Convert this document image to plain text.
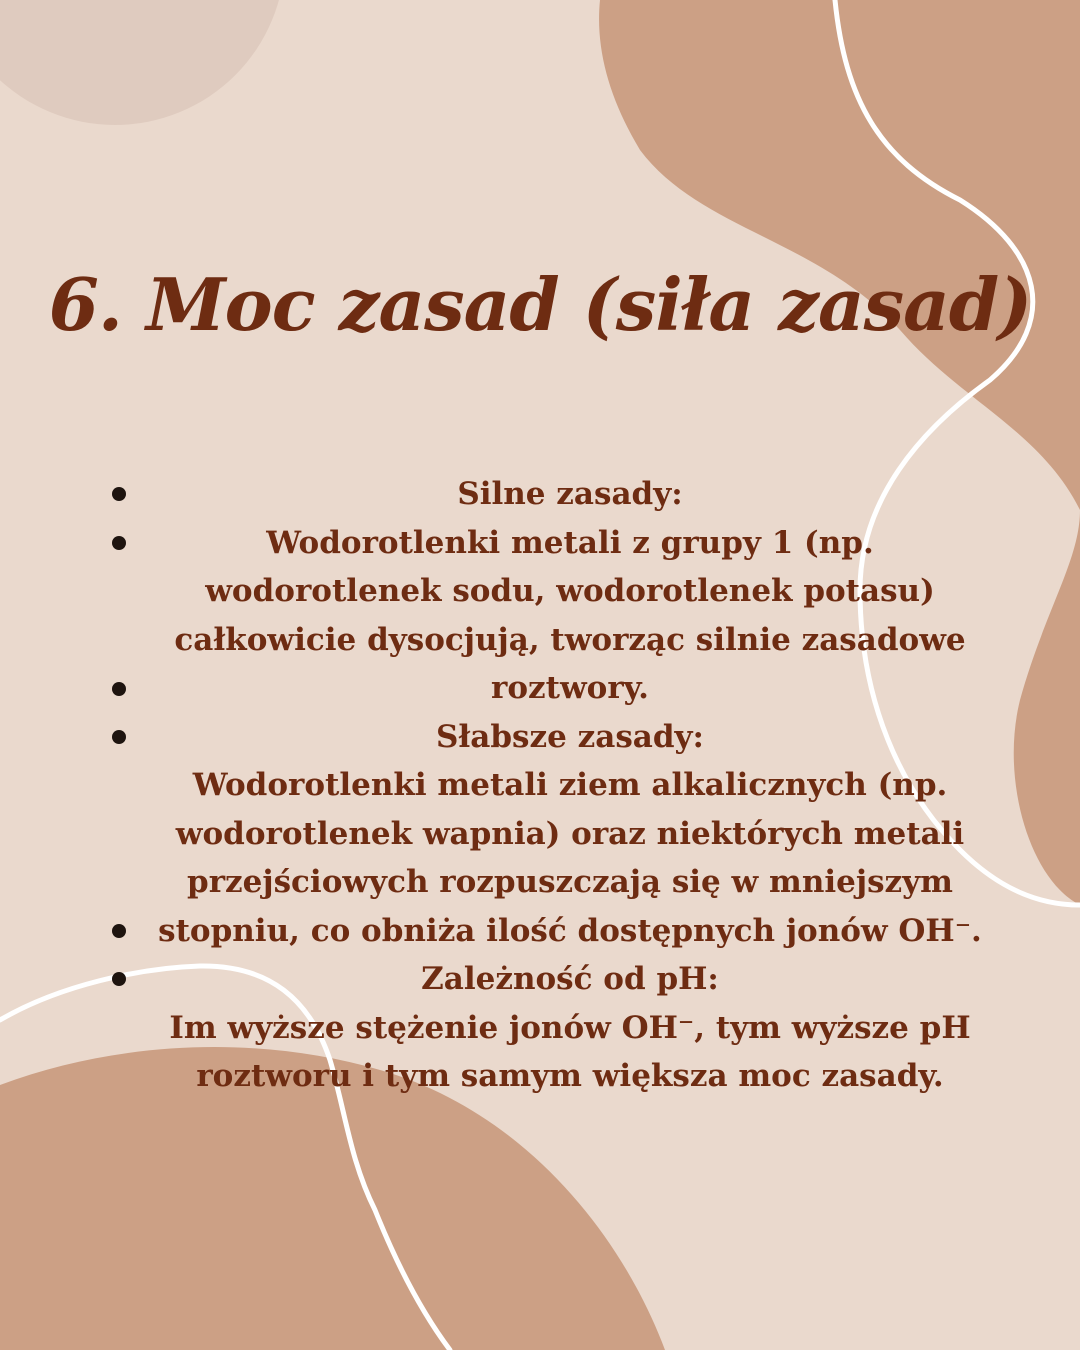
6. Moc zasad (siła zasad)

Silne zasady:

Wodorotlenki metali z grupy 1 (np. wodorotlenek sodu, wodorotlenek potasu) całkowicie dysocjują, tworząc silnie zasadowe roztwory.

Słabsze zasady:

Wodorotlenki metali ziem alkalicznych (np. wodorotlenek wapnia) oraz niektórych metali przejściowych rozpuszczają się w mniejszym stopniu, co obniża ilość dostępnych jonów OH⁻.

Zależność od pH:

Im wyższe stężenie jonów OH⁻, tym wyższe pH roztworu i tym samym większa moc zasady.
